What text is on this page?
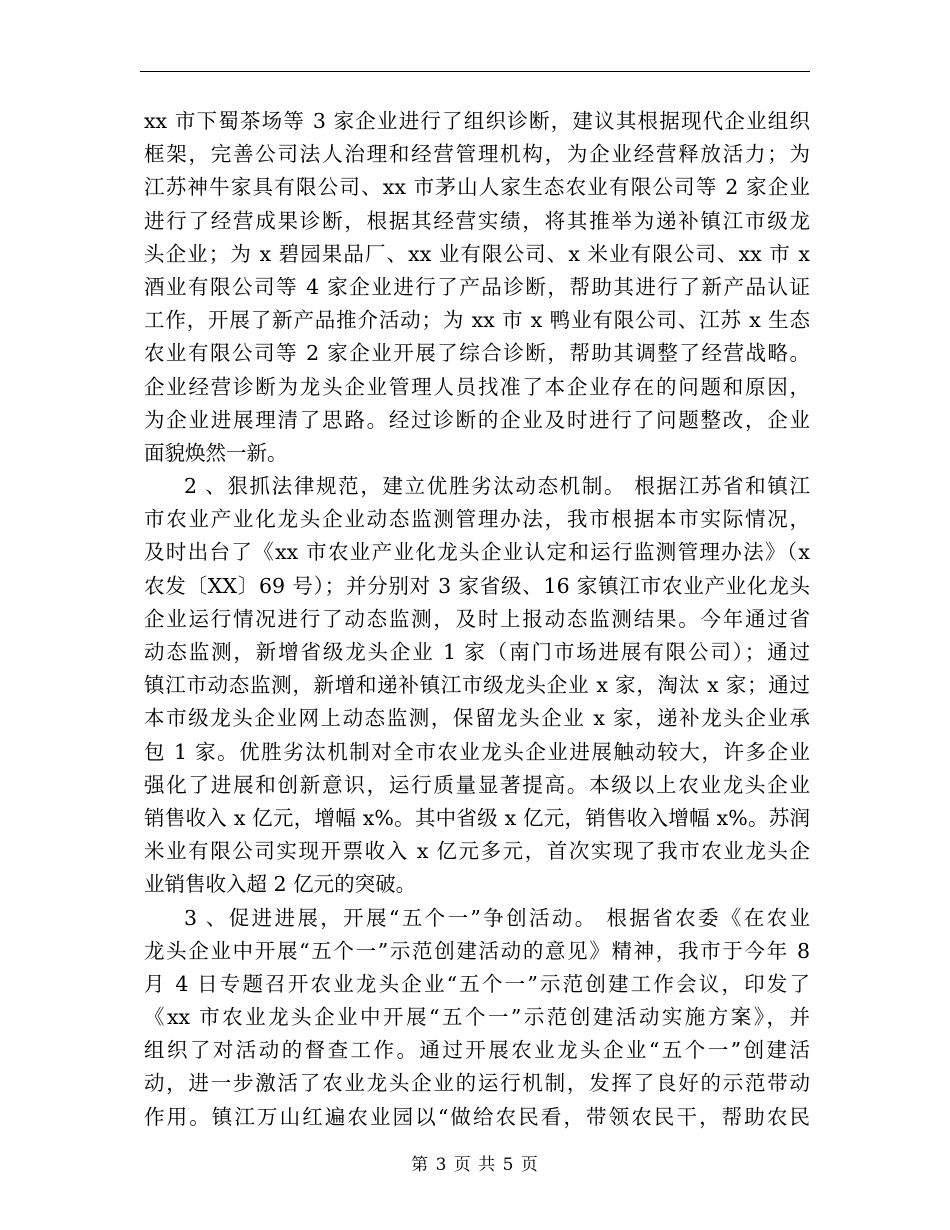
xx 市下蜀茶场等 3 家企业进行了组织诊断，建议其根据现代企业组织
框架，完善公司法人治理和经营管理机构，为企业经营释放活力；为
江苏神牛家具有限公司、xx 市茅山人家生态农业有限公司等 2 家企业
进行了经营成果诊断，根据其经营实绩，将其推举为递补镇江市级龙
头企业；为 x 碧园果品厂、xx 业有限公司、x 米业有限公司、xx 市 x
酒业有限公司等 4 家企业进行了产品诊断，帮助其进行了新产品认证
工作，开展了新产品推介活动；为 xx 市 x 鸭业有限公司、江苏 x 生态
农业有限公司等 2 家企业开展了综合诊断，帮助其调整了经营战略。
企业经营诊断为龙头企业管理人员找准了本企业存在的问题和原因，
为企业进展理清了思路。经过诊断的企业及时进行了问题整改，企业
面貌焕然一新。
2 、狠抓法律规范，建立优胜劣汰动态机制。 根据江苏省和镇江
市农业产业化龙头企业动态监测管理办法，我市根据本市实际情况，
及时出台了《xx 市农业产业化龙头企业认定和运行监测管理办法》（x
农发〔XX〕69 号）；并分别对 3 家省级、16 家镇江市农业产业化龙头
企业运行情况进行了动态监测，及时上报动态监测结果。今年通过省
动态监测，新增省级龙头企业 1 家（南门市场进展有限公司）；通过
镇江市动态监测，新增和递补镇江市级龙头企业 x 家，淘汰 x 家；通过
本市级龙头企业网上动态监测，保留龙头企业 x 家，递补龙头企业承
包 1 家。优胜劣汰机制对全市农业龙头企业进展触动较大，许多企业
强化了进展和创新意识，运行质量显著提高。本级以上农业龙头企业
销售收入 x 亿元，增幅 x%。其中省级 x 亿元，销售收入增幅 x%。苏润
米业有限公司实现开票收入 x 亿元多元，首次实现了我市农业龙头企
业销售收入超 2 亿元的突破。
3 、促进进展，开展“五个一”争创活动。 根据省农委《在农业
龙头企业中开展“五个一”示范创建活动的意见》精神，我市于今年 8
月 4 日专题召开农业龙头企业“五个一”示范创建工作会议，印发了
《xx 市农业龙头企业中开展“五个一”示范创建活动实施方案》，并
组织了对活动的督查工作。通过开展农业龙头企业“五个一”创建活
动，进一步激活了农业龙头企业的运行机制，发挥了良好的示范带动
作用。镇江万山红遍农业园以“做给农民看，带领农民干，帮助农民
第 3 页 共 5 页
